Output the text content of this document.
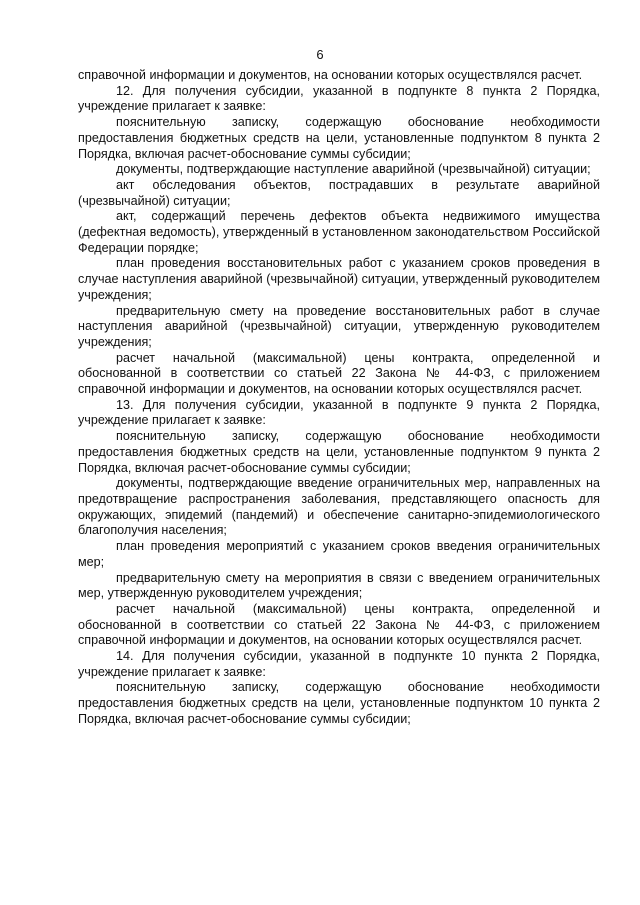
6

справочной информации и документов, на основании которых осуществлялся расчет.

12. Для получения субсидии, указанной в подпункте 8 пункта 2 Порядка, учреждение прилагает к заявке:

пояснительную записку, содержащую обоснование необходимости предоставления бюджетных средств на цели, установленные подпунктом 8 пункта 2 Порядка, включая расчет-обоснование суммы субсидии;

документы, подтверждающие наступление аварийной (чрезвычайной) ситуации;

акт обследования объектов, пострадавших в результате аварийной (чрезвычайной) ситуации;

акт, содержащий перечень дефектов объекта недвижимого имущества (дефектная ведомость), утвержденный в установленном законодательством Российской Федерации порядке;

план проведения восстановительных работ с указанием сроков проведения в случае наступления аварийной (чрезвычайной) ситуации, утвержденный руководителем учреждения;

предварительную смету на проведение восстановительных работ в случае наступления аварийной (чрезвычайной) ситуации, утвержденную руководителем учреждения;

расчет начальной (максимальной) цены контракта, определенной и обоснованной в соответствии со статьей 22 Закона № 44-ФЗ, с приложением справочной информации и документов, на основании которых осуществлялся расчет.

13. Для получения субсидии, указанной в подпункте 9 пункта 2 Порядка, учреждение прилагает к заявке:

пояснительную записку, содержащую обоснование необходимости предоставления бюджетных средств на цели, установленные подпунктом 9 пункта 2 Порядка, включая расчет-обоснование суммы субсидии;

документы, подтверждающие введение ограничительных мер, направленных на предотвращение распространения заболевания, представляющего опасность для окружающих, эпидемий (пандемий) и обеспечение санитарно-эпидемиологического благополучия населения;

план проведения мероприятий с указанием сроков введения ограничительных мер;

предварительную смету на мероприятия в связи с введением ограничительных мер, утвержденную руководителем учреждения;

расчет начальной (максимальной) цены контракта, определенной и обоснованной в соответствии со статьей 22 Закона № 44-ФЗ, с приложением справочной информации и документов, на основании которых осуществлялся расчет.

14. Для получения субсидии, указанной в подпункте 10 пункта 2 Порядка, учреждение прилагает к заявке:

пояснительную записку, содержащую обоснование необходимости предоставления бюджетных средств на цели, установленные подпунктом 10 пункта 2 Порядка, включая расчет-обоснование суммы субсидии;
